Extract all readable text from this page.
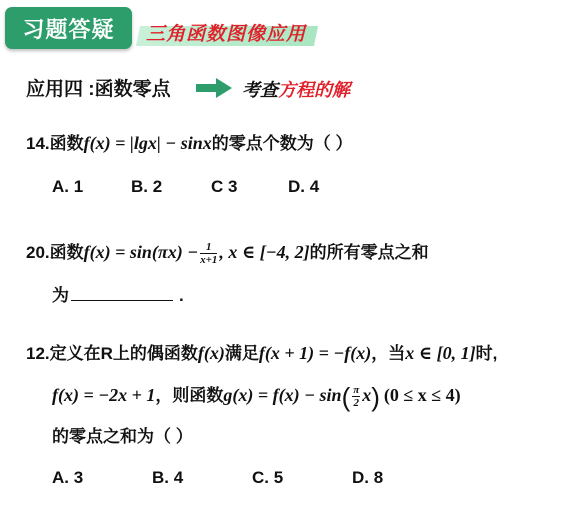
习题答疑	三角函数图像应用
应用四 :函数零点	考查方程的解
14.函数f(x) = |lgx| − sinx的零点个数为（ ）
A. 1	B. 2	C 3	D. 4
20.函数$f(x) = \sin(\pi x) - \frac{1}{x+1}$ , x ∈ [−4, 2]的所有零点之和
为	.
12.定义在R上的偶函数f(x)满足f(x + 1) = −f(x)，当x ∈ [0, 1]时,
f(x) = −2x + 1，则函数$g(x) = f(x) - \sin( \frac{\pi}{2} x)$ (0 ≤ x ≤ 4)
的零点之和为（ ）
A. 3	B. 4	C. 5	D. 8
